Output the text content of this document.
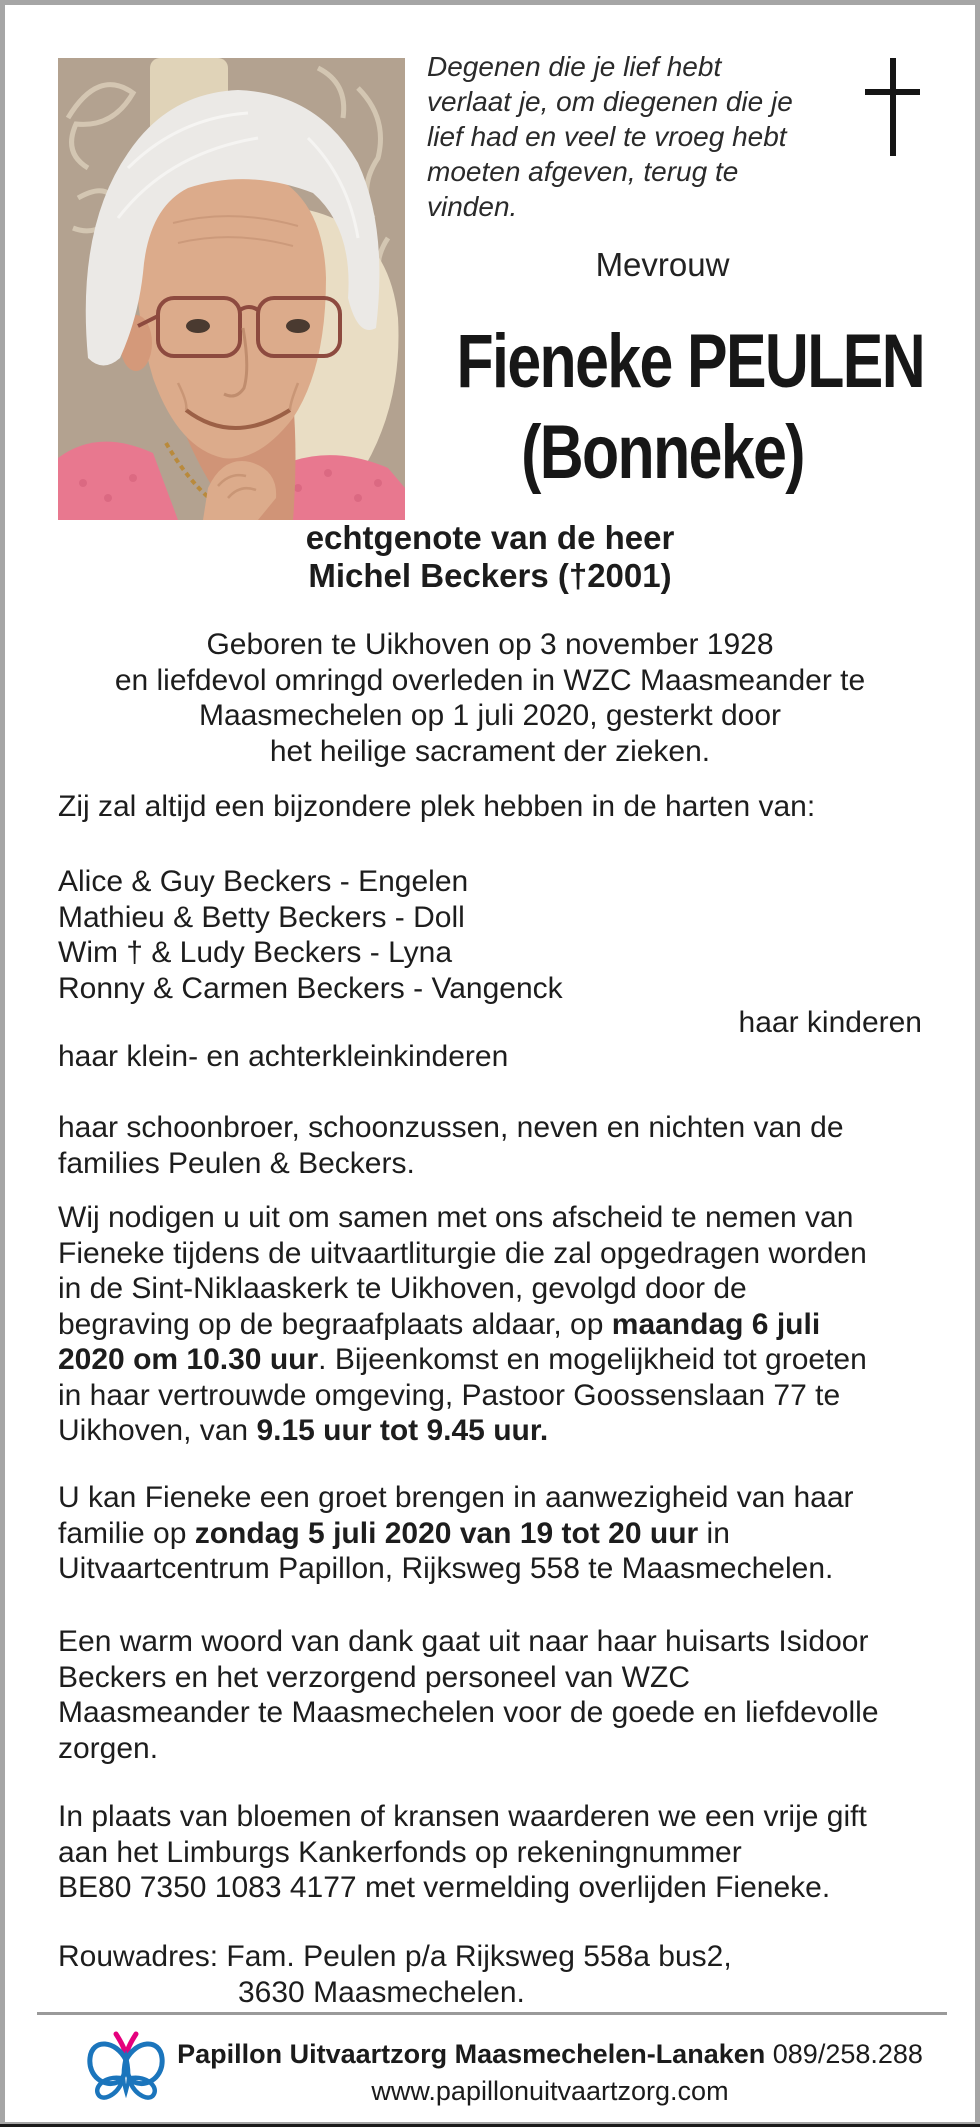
Degenen die je lief hebt
verlaat je, om diegenen die je
lief had en veel te vroeg hebt
moeten afgeven, terug te
vinden.
Mevrouw
Fieneke PEULEN
(Bonneke)
echtgenote van de heer
Michel Beckers (†2001)
Geboren te Uikhoven op 3 november 1928
en liefdevol omringd overleden in WZC Maasmeander te
Maasmechelen op 1 juli 2020, gesterkt door
het heilige sacrament der zieken.
Zij zal altijd een bijzondere plek hebben in de harten van:
Alice & Guy Beckers - Engelen
Mathieu & Betty Beckers - Doll
Wim † & Ludy Beckers - Lyna
Ronny & Carmen Beckers - Vangenck
haar kinderen
haar klein- en achterkleinkinderen
haar schoonbroer, schoonzussen, neven en nichten van de
families Peulen & Beckers.
Wij nodigen u uit om samen met ons afscheid te nemen van
Fieneke tijdens de uitvaartliturgie die zal opgedragen worden
in de Sint-Niklaaskerk te Uikhoven, gevolgd door de
begraving op de begraafplaats aldaar, op maandag 6 juli
2020 om 10.30 uur. Bijeenkomst en mogelijkheid tot groeten
in haar vertrouwde omgeving, Pastoor Goossenslaan 77 te
Uikhoven, van 9.15 uur tot 9.45 uur.
U kan Fieneke een groet brengen in aanwezigheid van haar
familie op zondag 5 juli 2020 van 19 tot 20 uur in
Uitvaartcentrum Papillon, Rijksweg 558 te Maasmechelen.
Een warm woord van dank gaat uit naar haar huisarts Isidoor
Beckers en het verzorgend personeel van WZC
Maasmeander te Maasmechelen voor de goede en liefdevolle
zorgen.
In plaats van bloemen of kransen waarderen we een vrije gift
aan het Limburgs Kankerfonds op rekeningnummer
BE80 7350 1083 4177 met vermelding overlijden Fieneke.
Rouwadres: Fam. Peulen p/a Rijksweg 558a bus2,
3630 Maasmechelen.
Papillon Uitvaartzorg Maasmechelen-Lanaken 089/258.288
www.papillonuitvaartzorg.com
